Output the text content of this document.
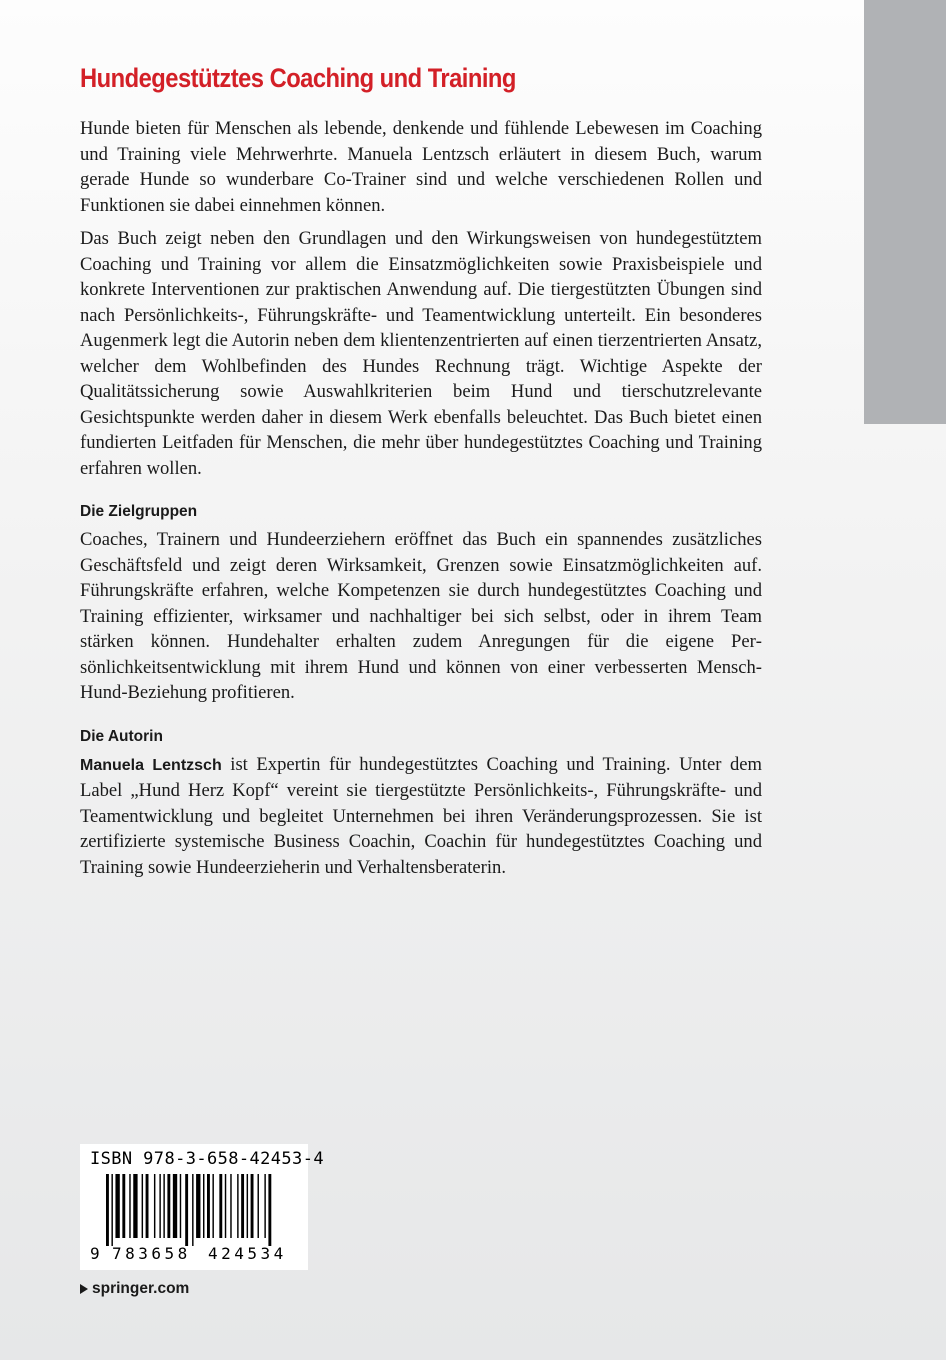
Hundegestütztes Coaching und Training

Hunde bieten für Menschen als lebende, denkende und fühlende Lebewesen im Coaching und Training viele Mehrwerhrte. Manuela Lentzsch erläutert in diesem Buch, warum gerade Hunde so wunderbare Co-Trainer sind und welche verschiedenen Rollen und Funktionen sie dabei einnehmen können.

Das Buch zeigt neben den Grundlagen und den Wirkungsweisen von hundegestütztem Coaching und Training vor allem die Einsatzmöglichkeiten sowie Praxisbeispiele und konkrete Interventionen zur praktischen Anwendung auf. Die tiergestützten Übungen sind nach Persönlichkeits-, Führungskräfte- und Teamentwicklung unterteilt. Ein besonderes Augenmerk legt die Autorin neben dem klientenzentrierten auf einen tierzentrierten Ansatz, welcher dem Wohlbefinden des Hundes Rechnung trägt. Wichtige Aspekte der Qualitätssicherung sowie Auswahlkriterien beim Hund und tierschutzrelevante Gesichtspunkte werden daher in diesem Werk ebenfalls beleuchtet. Das Buch bietet einen fundierten Leitfaden für Menschen, die mehr über hundegestütztes Coaching und Training erfahren wollen.

Die Zielgruppen

Coaches, Trainern und Hundeerziehern eröffnet das Buch ein spannendes zusätzliches Geschäftsfeld und zeigt deren Wirksamkeit, Grenzen sowie Einsatzmöglichkeiten auf. Führungskräfte erfahren, welche Kompetenzen sie durch hundegestütztes Coaching und Training effizienter, wirksamer und nachhaltiger bei sich selbst, oder in ihrem Team stärken können. Hundehalter erhalten zudem Anregungen für die eigene Persönlichkeitsentwicklung mit ihrem Hund und können von einer verbesserten Mensch-Hund-Beziehung profitieren.

Die Autorin

Manuela Lentzsch ist Expertin für hundegestütztes Coaching und Training. Unter dem Label „Hund Herz Kopf“ vereint sie tiergestützte Persönlichkeits-, Führungskräfte- und Teamentwicklung und begleitet Unternehmen bei ihren Veränderungsprozessen. Sie ist zertifizierte systemische Business Coachin, Coachin für hundegestütztes Coaching und Training sowie Hundeerzieherin und Verhaltensberaterin.

ISBN 978-3-658-42453-4
9 783658 424534
springer.com
